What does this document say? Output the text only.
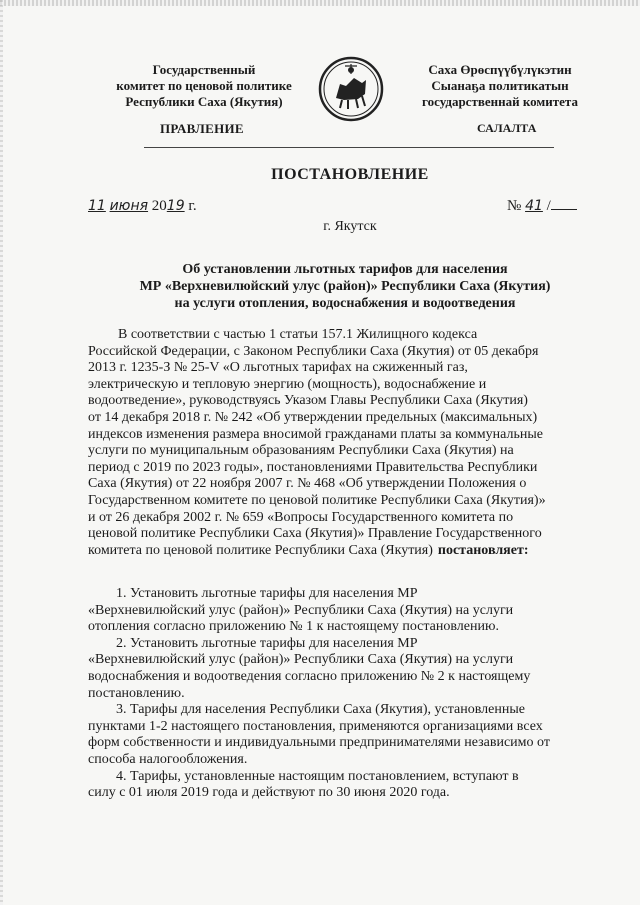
Государственный
комитет по ценовой политике
Республики Саха (Якутия)
Саха Өрөспүүбүлүкэтин
Сыанаҕа политикатын
государственнай комитета
ПРАВЛЕНИЕ	САЛАЛТА
ПОСТАНОВЛЕНИЕ
11 июня 2019 г.	№ 41 /
г. Якутск
Об установлении льготных тарифов для населения
МР «Верхневилюйский улус (район)» Республики Саха (Якутия)
на услуги отопления, водоснабжения и водоотведения
В соответствии с частью 1 статьи 157.1 Жилищного кодекса
Российской Федерации, с Законом Республики Саха (Якутия) от 05 декабря
2013 г. 1235-З № 25-V «О льготных тарифах на сжиженный газ,
электрическую и тепловую энергию (мощность), водоснабжение и
водоотведение», руководствуясь Указом Главы Республики Саха (Якутия)
от 14 декабря 2018 г. № 242 «Об утверждении предельных (максимальных)
индексов изменения размера вносимой гражданами платы за коммунальные
услуги по муниципальным образованиям Республики Саха (Якутия) на
период с 2019 по 2023 годы», постановлениями Правительства Республики
Саха (Якутия) от 22 ноября 2007 г. № 468 «Об утверждении Положения о
Государственном комитете по ценовой политике Республики Саха (Якутия)»
и от 26 декабря 2002 г. № 659 «Вопросы Государственного комитета по
ценовой политике Республики Саха (Якутия)» Правление Государственного
комитета по ценовой политике Республики Саха (Якутия) постановляет:
1. Установить льготные тарифы для населения МР
«Верхневилюйский улус (район)» Республики Саха (Якутия) на услуги
отопления согласно приложению № 1 к настоящему постановлению.
2. Установить льготные тарифы для населения МР
«Верхневилюйский улус (район)» Республики Саха (Якутия) на услуги
водоснабжения и водоотведения согласно приложению № 2 к настоящему
постановлению.
3. Тарифы для населения Республики Саха (Якутия), установленные
пунктами 1-2 настоящего постановления, применяются организациями всех
форм собственности и индивидуальными предпринимателями независимо от
способа налогообложения.
4. Тарифы, установленные настоящим постановлением, вступают в
силу с 01 июля 2019 года и действуют по 30 июня 2020 года.
